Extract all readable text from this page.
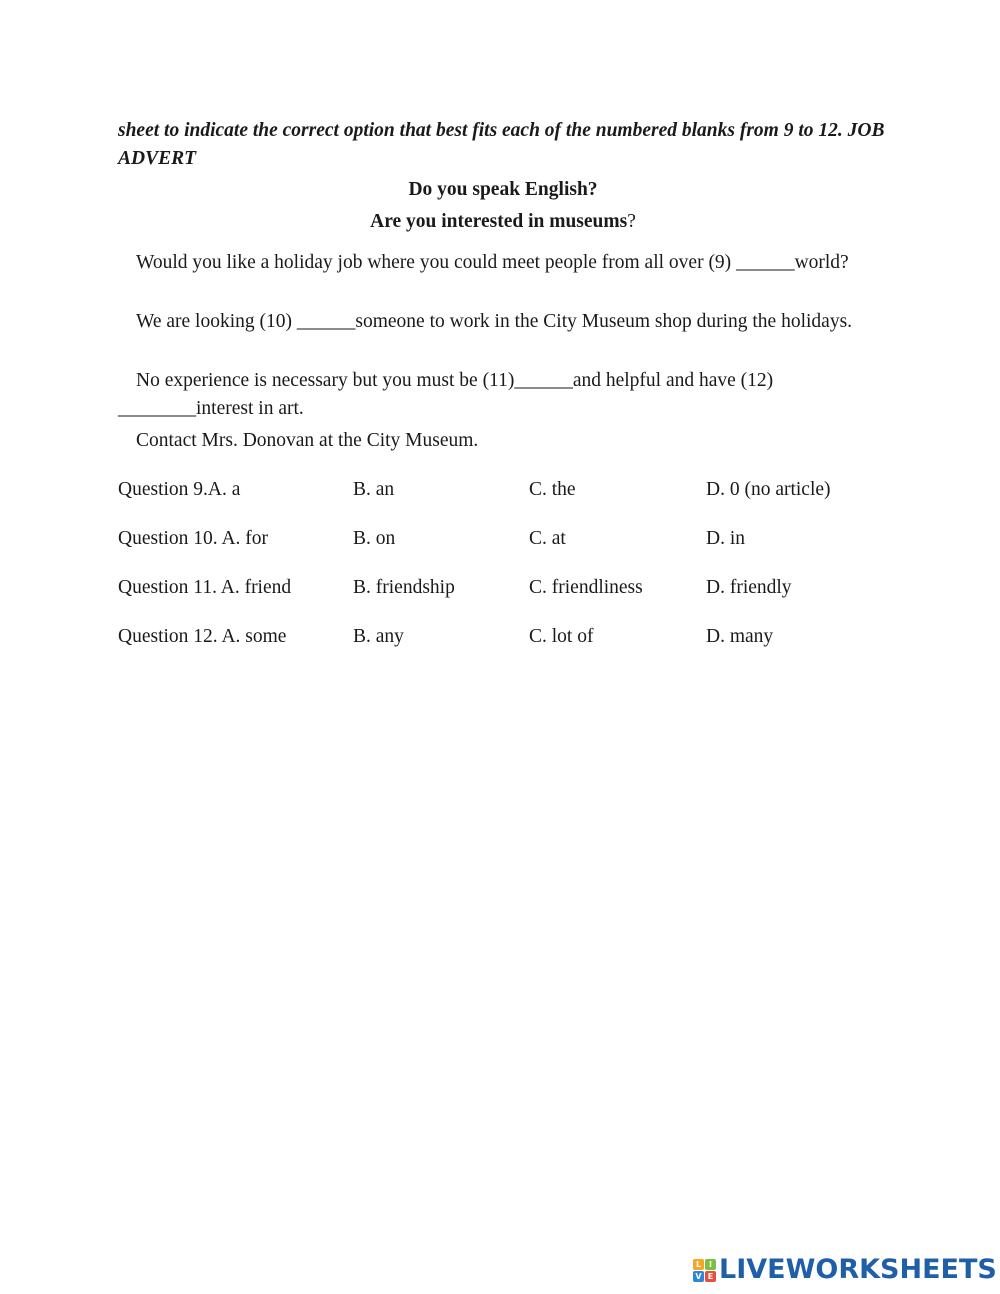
sheet to indicate the correct option that best fits each of the numbered blanks from 9 to 12. JOB ADVERT
Do you speak English?
Are you interested in museums?
Would you like a holiday job where you could meet people from all over (9) ______world?
We are looking (10) ______someone to work in the City Museum shop during the holidays.
No experience is necessary but you must be (11)______and helpful and have (12) ________interest in art.
Contact Mrs. Donovan at the City Museum.
Question 9.A. a	B. an	C. the	D. 0 (no article)
Question 10. A. for	B. on	C. at	D. in
Question 11. A. friend	B. friendship	C. friendliness	D. friendly
Question 12. A. some	B. any	C. lot of	D. many
L I
V E LIVEWORKSHEETS
